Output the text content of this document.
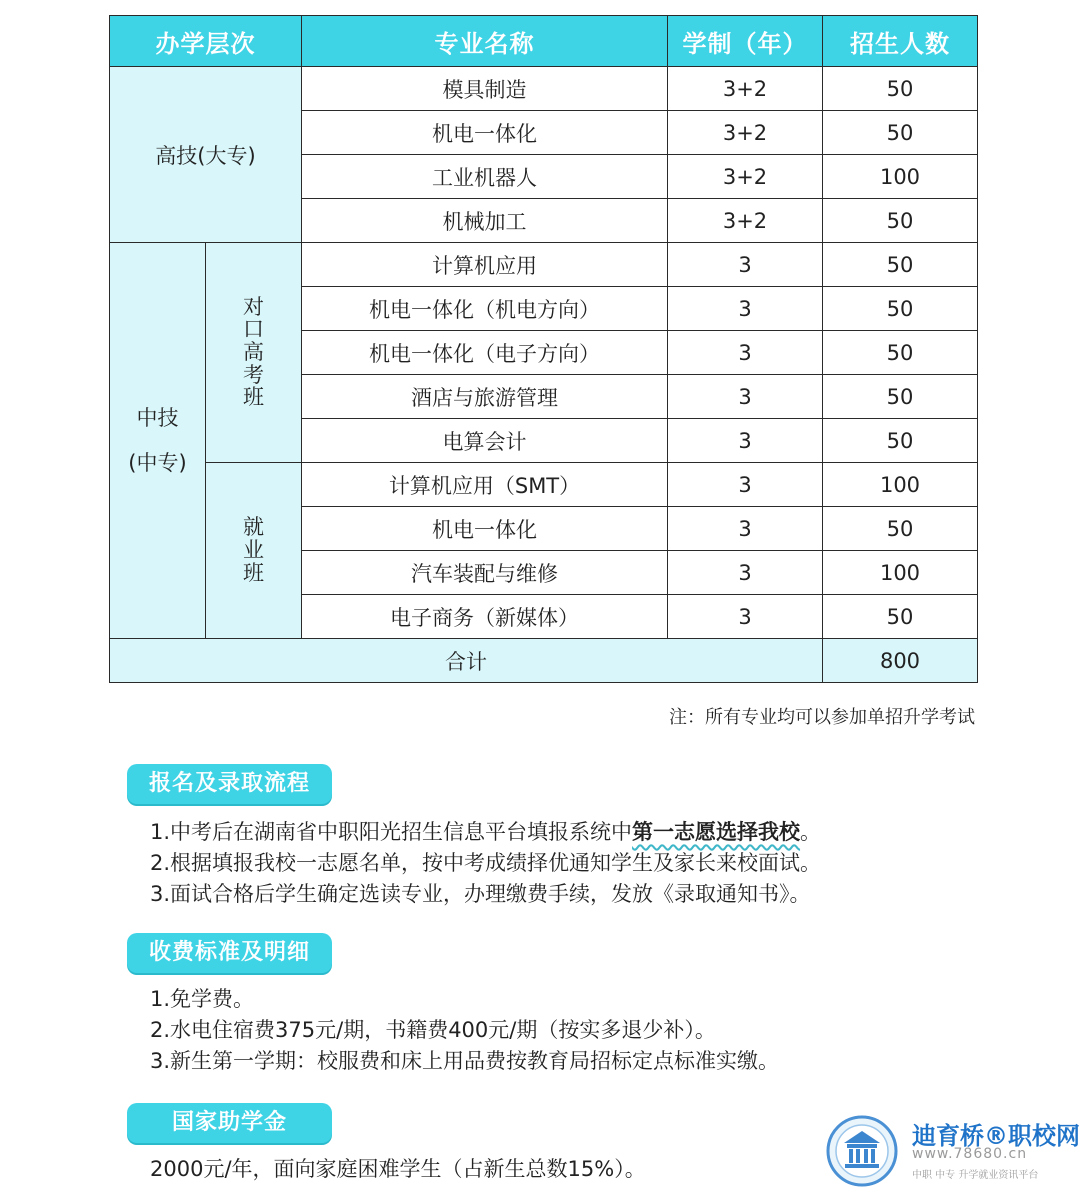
办学层次		专业名称	学制（年）	招生人数
高技(大专)		模具制造	3+2	50
		机电一体化	3+2	50
		工业机器人	3+2	100
		机械加工	3+2	50
中技
(中专)	对口高考班	计算机应用	3	50
		机电一体化（机电方向）	3	50
		机电一体化（电子方向）	3	50
		酒店与旅游管理	3	50
		电算会计	3	50
	就业班	计算机应用（SMT）	3	100
		机电一体化	3	50
		汽车装配与维修	3	100
		电子商务（新媒体）	3	50
合计				800
注：所有专业均可以参加单招升学考试
报名及录取流程

1.中考后在湖南省中职阳光招生信息平台填报系统中第一志愿选择我校。

2.根据填报我校一志愿名单，按中考成绩择优通知学生及家长来校面试。

3.面试合格后学生确定选读专业，办理缴费手续，发放《录取通知书》。

收费标准及明细

1.免学费。

2.水电住宿费375元/期，书籍费400元/期（按实多退少补）。

3.新生第一学期：校服费和床上用品费按教育局招标定点标准实缴。

国家助学金

2000元/年，面向家庭困难学生（占新生总数15%）。

迪育桥®职校网
www.78680.cn
中职 中专 升学就业资讯平台
